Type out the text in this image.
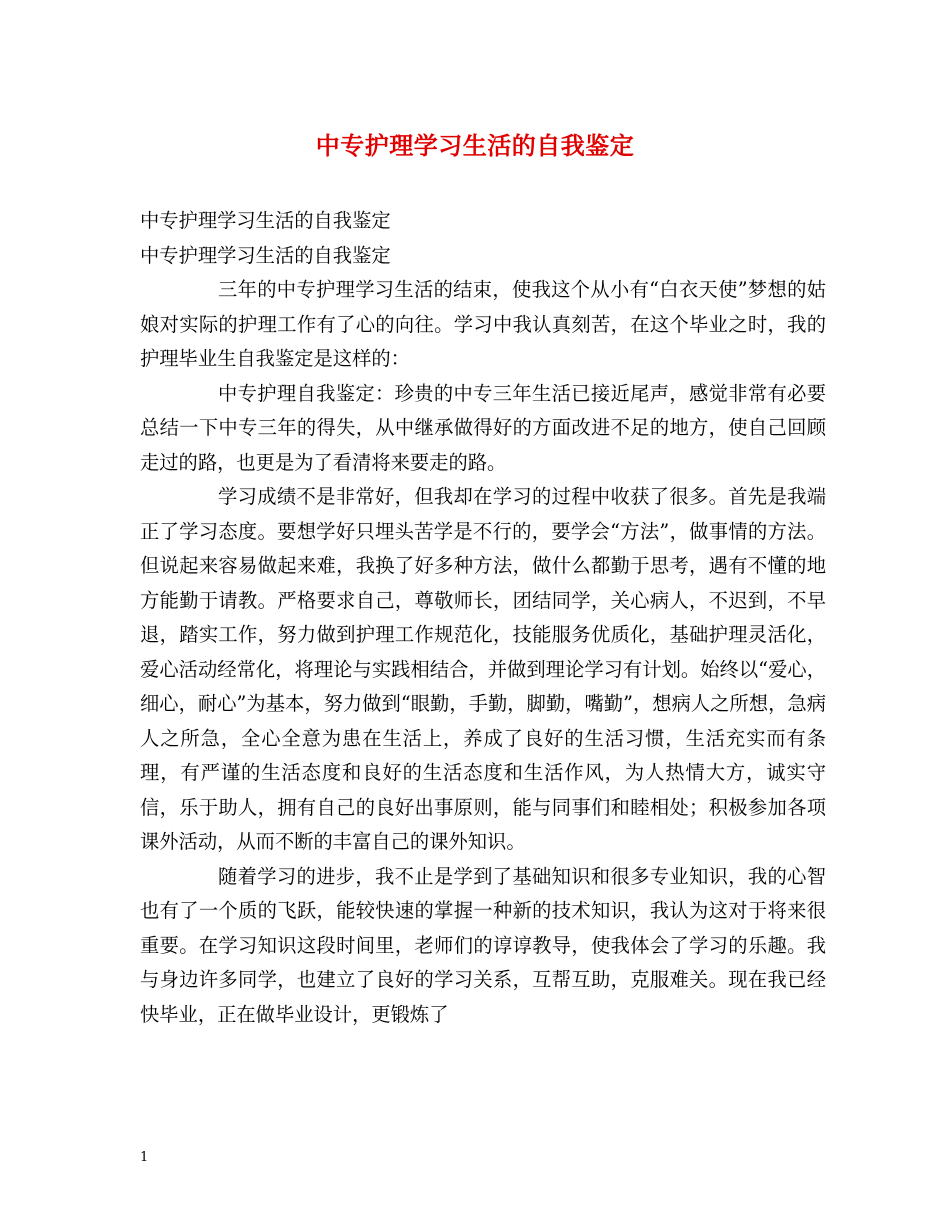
中专护理学习生活的自我鉴定

中专护理学习生活的自我鉴定

中专护理学习生活的自我鉴定

三年的中专护理学习生活的结束，使我这个从小有“白衣天使”梦想的姑娘对实际的护理工作有了心的向往。学习中我认真刻苦，在这个毕业之时，我的护理毕业生自我鉴定是这样的：

中专护理自我鉴定：珍贵的中专三年生活已接近尾声，感觉非常有必要总结一下中专三年的得失，从中继承做得好的方面改进不足的地方，使自己回顾走过的路，也更是为了看清将来要走的路。

学习成绩不是非常好，但我却在学习的过程中收获了很多。首先是我端正了学习态度。要想学好只埋头苦学是不行的，要学会“方法”，做事情的方法。但说起来容易做起来难，我换了好多种方法，做什么都勤于思考，遇有不懂的地方能勤于请教。严格要求自己，尊敬师长，团结同学，关心病人，不迟到，不早退，踏实工作，努力做到护理工作规范化，技能服务优质化，基础护理灵活化，爱心活动经常化，将理论与实践相结合，并做到理论学习有计划。始终以“爱心，细心，耐心”为基本，努力做到“眼勤，手勤，脚勤，嘴勤”，想病人之所想，急病人之所急，全心全意为患在生活上，养成了良好的生活习惯，生活充实而有条理，有严谨的生活态度和良好的生活态度和生活作风，为人热情大方，诚实守信，乐于助人，拥有自己的良好出事原则，能与同事们和睦相处；积极参加各项课外活动，从而不断的丰富自己的课外知识。

随着学习的进步，我不止是学到了基础知识和很多专业知识，我的心智也有了一个质的飞跃，能较快速的掌握一种新的技术知识，我认为这对于将来很重要。在学习知识这段时间里，老师们的谆谆教导，使我体会了学习的乐趣。我与身边许多同学，也建立了良好的学习关系，互帮互助，克服难关。现在我已经快毕业，正在做毕业设计，更锻炼了

1
